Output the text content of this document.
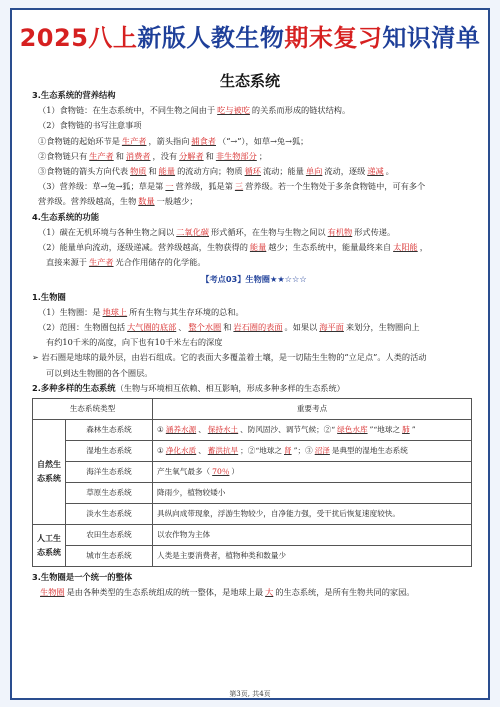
2025八上新版人教生物期末复习知识清单
生态系统
3.生态系统的营养结构
（1）食物链：在生态系统中，不同生物之间由于 吃与被吃 的关系而形成的链状结构。
（2）食物链的书写注意事项
①食物链的起始环节是 生产者 ，箭头指向 捕食者 （“→”），如草→兔→狐；
②食物链只有 生产者 和 消费者 ，没有 分解者 和 非生物部分 ；
③食物链的箭头方向代表 物质 和 能量 的流动方向；物质 循环 流动；能量 单向 流动，逐级 递减 。
（3）营养级：草→兔→狐；草是第 一 营养级，狐是第 三 营养级。若一个生物处于多条食物链中，可有多个
营养级。营养级越高，生物 数量 一般越少；
4.生态系统的功能
（1）碳在无机环境与各种生物之间以 二氧化碳 形式循环，在生物与生物之间以 有机物 形式传递。
（2）能量单向流动，逐级递减。营养级越高，生物获得的 能量 越少；生态系统中，能量最终来自 太阳能 ，
直接来源于 生产者 光合作用储存的化学能。
【考点03】生物圈★★☆☆☆
1.生物圈
（1）生物圈：是 地球上 所有生物与其生存环境的总和。
（2）范围：生物圈包括 大气圈的底部 、 整个水圈 和 岩石圈的表面 。如果以 海平面 来划分，生物圈向上
有约10千米的高度，向下也有10千米左右的深度
➢ 岩石圈是地球的最外层，由岩石组成。它的表面大多覆盖着土壤，是一切陆生生物的“立足点”。人类的活动
可以到达生物圈的各个圈层。
2.多种多样的生态系统（生物与环境相互依赖、相互影响，形成多种多样的生态系统）
生态系统类型		重要考点
自然生态系统	森林生态系统	① 涵养水源 、 保持水土 、防风固沙、调节气候；②“ 绿色水库 ”“地球之 肺 ”
	湿地生态系统	① 净化水质 、 蓄洪抗旱 ；②“地球之 肾 ”；③ 沼泽 是典型的湿地生态系统
	海洋生态系统	产生氧气最多（ 70％ ）
	草原生态系统	降雨少，植物较矮小
	淡水生态系统	具纵向成带现象，浮游生物较少，自净能力强，受干扰后恢复速度较快。
人工生态系统	农田生态系统	以农作物为主体
	城市生态系统	人类是主要消费者，植物种类和数量少
3.生物圈是一个统一的整体
生物圈 是由各种类型的生态系统组成的统一整体，是地球上最 大 的生态系统，是所有生物共同的家园。
第3页, 共4页
